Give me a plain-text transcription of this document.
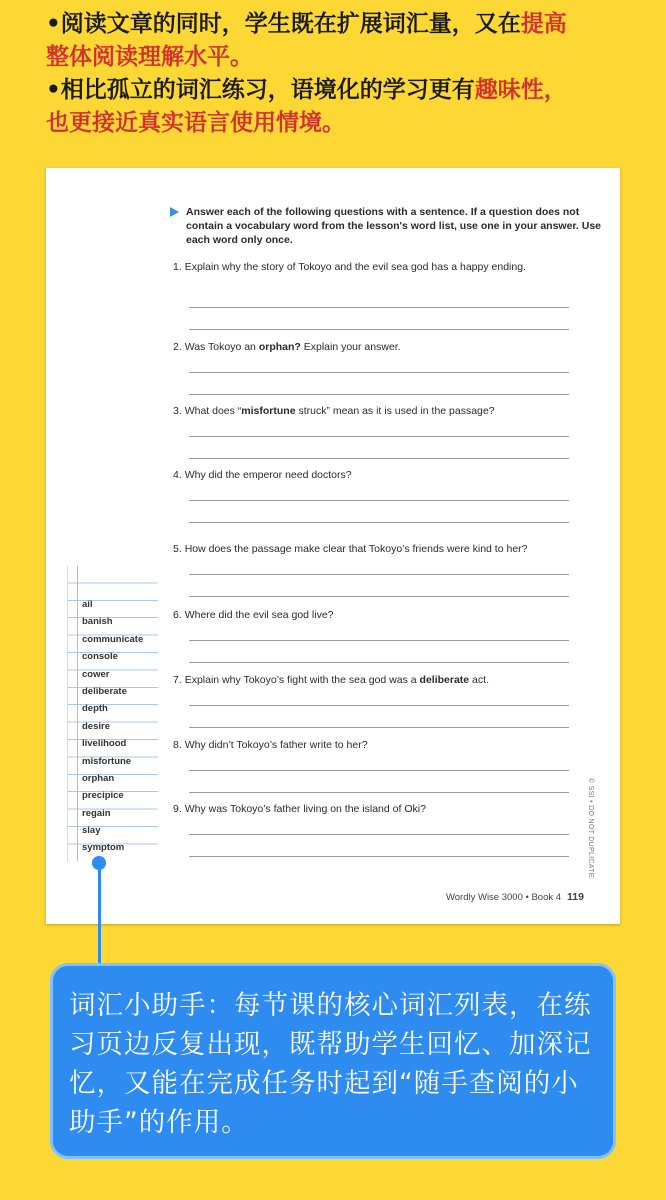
•阅读文章的同时，学生既在扩展词汇量，又在提高

整体阅读理解水平。

•相比孤立的词汇练习，语境化的学习更有趣味性，

也更接近真实语言使用情境。

Answer each of the following questions with a sentence. If a question does not contain a vocabulary word from the lesson's word list, use one in your answer. Use each word only once.
1. Explain why the story of Tokoyo and the evil sea god has a happy ending.
2. Was Tokoyo an orphan? Explain your answer.
3. What does “misfortune struck” mean as it is used in the passage?
4. Why did the emperor need doctors?
5. How does the passage make clear that Tokoyo’s friends were kind to her?
6. Where did the evil sea god live?
7. Explain why Tokoyo’s fight with the sea god was a deliberate act.
8. Why didn’t Tokoyo’s father write to her?
9. Why was Tokoyo’s father living on the island of Oki?
Wordly Wise 3000 • Book 4 119
© SSI • DO NOT DUPLICATE
ail
banish
communicate
console
cower
deliberate
depth
desire
livelihood
misfortune
orphan
precipice
regain
slay
symptom
词汇小助手：每节课的核心词汇列表，在练习页边反复出现，既帮助学生回忆、加深记忆，又能在完成任务时起到“随手查阅的小助手”的作用。
